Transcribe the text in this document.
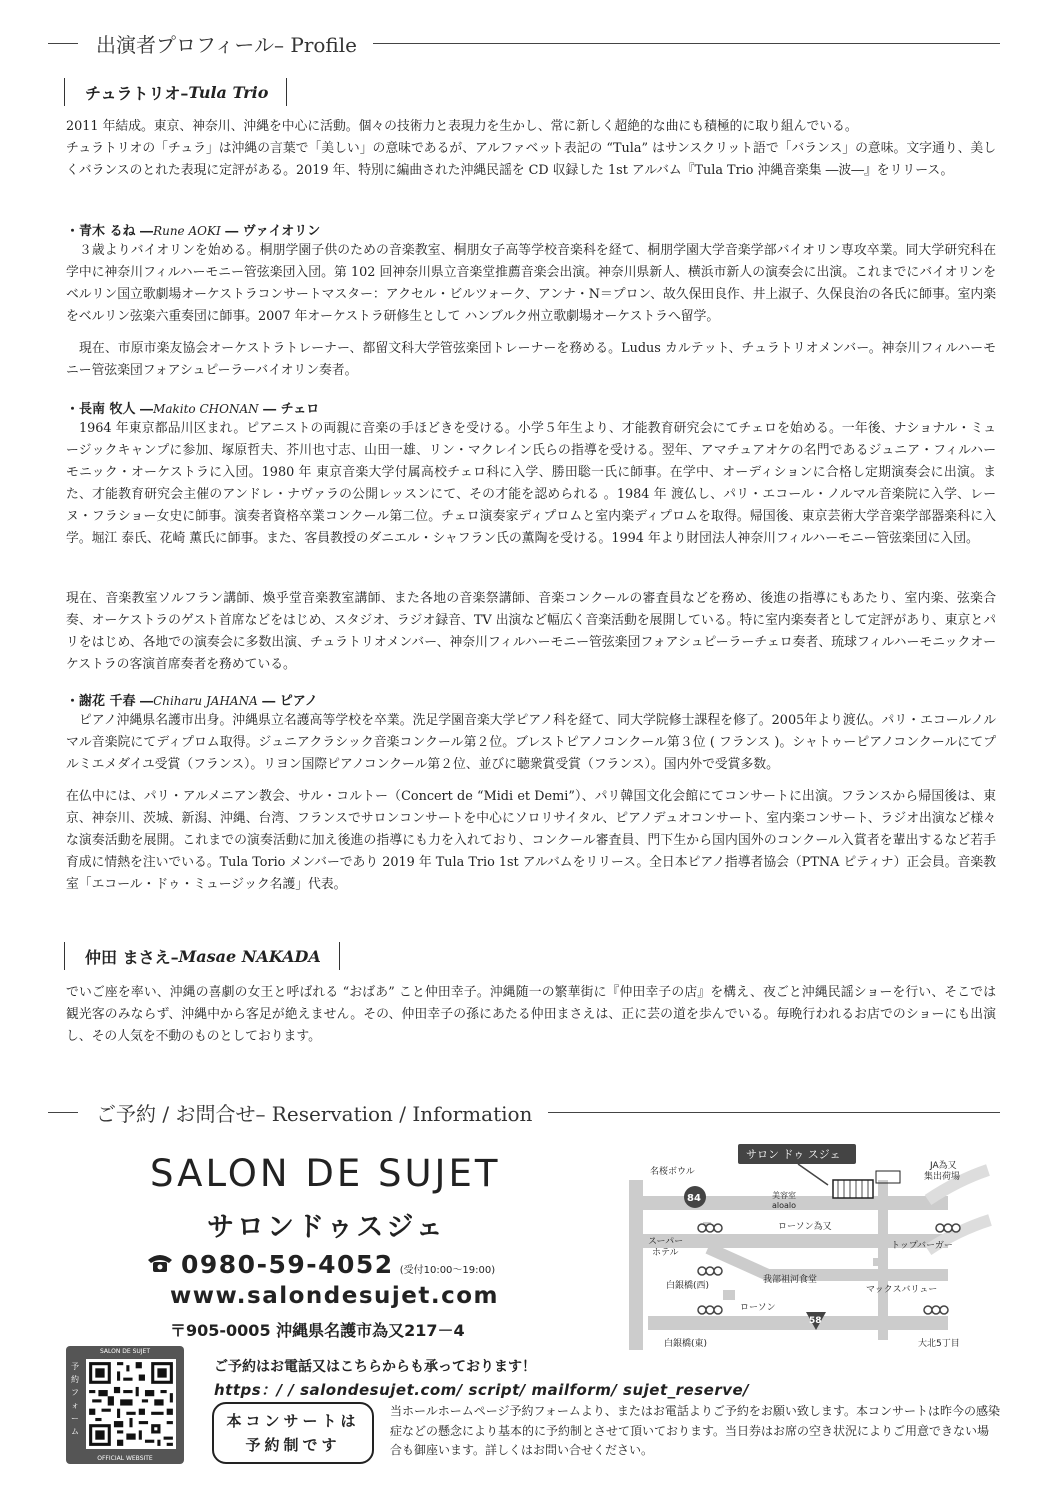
出演者プロフィール– Profile
チュラトリオ– Tula Trio

2011 年結成。東京、神奈川、沖縄を中心に活動。個々の技術力と表現力を生かし、常に新しく超絶的な曲にも積極的に取り組んでいる。

チュラトリオの「チュラ」は沖縄の言葉で「美しい」の意味であるが、アルファベット表記の “Tula” はサンスクリット語で「バランス」の意味。文字通り、美しくバランスのとれた表現に定評がある。2019 年、特別に編曲された沖縄民謡を CD 収録した 1st アルバム『Tula Trio 沖縄音楽集 ―波―』をリリース。

・青木 るね ―Rune AOKI ― ヴァイオリン

３歳よりバイオリンを始める。桐朋学園子供のための音楽教室、桐朋女子高等学校音楽科を経て、桐朋学園大学音楽学部バイオリン専攻卒業。同大学研究科在学中に神奈川フィルハーモニー管弦楽団入団。第 102 回神奈川県立音楽堂推薦音楽会出演。神奈川県新人、横浜市新人の演奏会に出演。これまでにバイオリンをベルリン国立歌劇場オーケストラコンサートマスター：アクセル・ビルツォーク、アンナ・N＝プロン、故久保田良作、井上淑子、久保良治の各氏に師事。室内楽をベルリン弦楽六重奏団に師事。2007 年オーケストラ研修生として ハンブルク州立歌劇場オーケストラへ留学。

現在、市原市楽友協会オーケストラトレーナー、都留文科大学管弦楽団トレーナーを務める。Ludus カルテット、チュラトリオメンバー。神奈川フィルハーモニー管弦楽団フォアシュピーラーバイオリン奏者。

・長南 牧人 ―Makito CHONAN ― チェロ

1964 年東京都品川区まれ。ピアニストの両親に音楽の手ほどきを受ける。小学５年生より、才能教育研究会にてチェロを始める。一年後、ナショナル・ミュージックキャンプに参加、塚原哲夫、芥川也寸志、山田一雄、リン・マクレイン氏らの指導を受ける。翌年、アマチュアオケの名門であるジュニア・フィルハーモニック・オーケストラに入団。1980 年 東京音楽大学付属高校チェロ科に入学、勝田聡一氏に師事。在学中、オーディションに合格し定期演奏会に出演。また、才能教育研究会主催のアンドレ・ナヴァラの公開レッスンにて、その才能を認められる 。1984 年 渡仏し、パリ・エコール・ノルマル音楽院に入学、レーヌ・フラショー女史に師事。演奏者資格卒業コンクール第二位。チェロ演奏家ディプロムと室内楽ディプロムを取得。帰国後、東京芸術大学音楽学部器楽科に入学。堀江 泰氏、花崎 薫氏に師事。また、客員教授のダニエル・シャフラン氏の薫陶を受ける。1994 年より財団法人神奈川フィルハーモニー管弦楽団に入団。

現在、音楽教室ソルフラン講師、煥乎堂音楽教室講師、また各地の音楽祭講師、音楽コンクールの審査員などを務め、後進の指導にもあたり、室内楽、弦楽合奏、オーケストラのゲスト首席などをはじめ、スタジオ、ラジオ録音、TV 出演など幅広く音楽活動を展開している。特に室内楽奏者として定評があり、東京とパリをはじめ、各地での演奏会に多数出演、チュラトリオメンバー、神奈川フィルハーモニー管弦楽団フォアシュピーラーチェロ奏者、琉球フィルハーモニックオーケストラの客演首席奏者を務めている。

・謝花 千春 ―Chiharu JAHANA ― ピアノ

ピアノ沖縄県名護市出身。沖縄県立名護高等学校を卒業。洗足学園音楽大学ピアノ科を経て、同大学院修士課程を修了。2005年より渡仏。パリ・エコールノルマル音楽院にてディプロム取得。ジュニアクラシック音楽コンクール第２位。ブレストピアノコンクール第３位 ( フランス )。シャトゥーピアノコンクールにてプルミエメダイユ受賞（フランス）。リヨン国際ピアノコンクール第２位、並びに聴衆賞受賞（フランス）。国内外で受賞多数。

在仏中には、パリ・アルメニアン教会、サル・コルトー（Concert de “Midi et Demi”）、パリ韓国文化会館にてコンサートに出演。フランスから帰国後は、東京、神奈川、茨城、新潟、沖縄、台湾、フランスでサロンコンサートを中心にソロリサイタル、ピアノデュオコンサート、室内楽コンサート、ラジオ出演など様々な演奏活動を展開。これまでの演奏活動に加え後進の指導にも力を入れており、コンクール審査員、門下生から国内国外のコンクール入賞者を輩出するなど若手育成に情熱を注いでいる。Tula Torio メンバーであり 2019 年 Tula Trio 1st アルバムをリリース。全日本ピアノ指導者協会（PTNA ピティナ）正会員。音楽教室「エコール・ドゥ・ミュージック名護」代表。

仲田 まさえ– Masae NAKADA

でいご座を率い、沖縄の喜劇の女王と呼ばれる “おばあ” こと仲田幸子。沖縄随一の繁華街に『仲田幸子の店』を構え、夜ごと沖縄民謡ショーを行い、そこでは観光客のみならず、沖縄中から客足が絶えません。その、仲田幸子の孫にあたる仲田まさえは、正に芸の道を歩んでいる。毎晩行われるお店でのショーにも出演し、その人気を不動のものとしております。

ご予約 / お問合せ– Reservation / Information
SALON DE SUJET
サロンドゥスジェ
0980-59-4052 (受付10:00～19:00)
www.salondesujet.com
〒905-0005 沖縄県名護市為又217－4
SALON DE SUJET
予約フォーム
OFFICIAL WEBSITE
ご予約はお電話又はこちらからも承っております！
https：/ / salondesujet.com/ script/ mailform/ sujet_reserve/
本コンサートは
予約制です

当ホールホームページ予約フォームより、またはお電話よりご予約をお願い致します。本コンサートは昨今の感染症などの懸念により基本的に予約制とさせて頂いております。当日券はお席の空き状況によりご用意できない場合も御座います。詳しくはお問い合せください。

サロン ドゥ スジェ
84
58
名桜ボウル
JA為又
集出荷場
美容室
aloalo
ローソン為又
スーパー
ホテル
トップバーガー
白銀橋(西)
我部祖河食堂
マックスバリュー
ローソン
白銀橋(東)	大北5丁目
